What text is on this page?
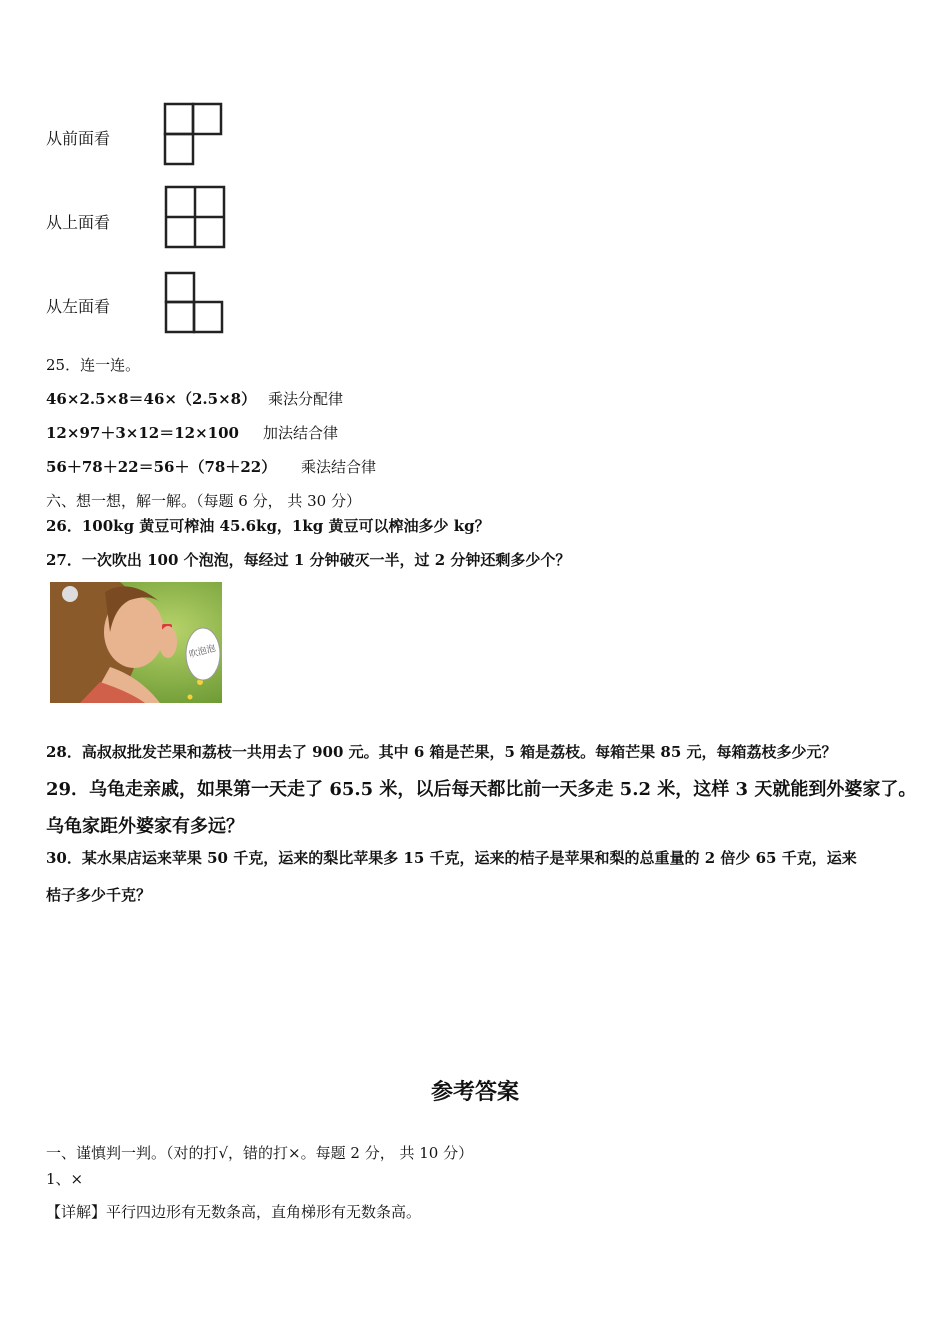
从前面看
从上面看
从左面看
25．连一连。
46×2.5×8＝46×（2.5×8） 乘法分配律
12×97＋3×12＝12×100 加法结合律
56＋78＋22＝56＋（78＋22） 乘法结合律
六、想一想，解一解。（每题 6 分， 共 30 分）
26．100kg 黄豆可榨油 45.6kg，1kg 黄豆可以榨油多少 kg？
27．一次吹出 100 个泡泡，每经过 1 分钟破灭一半，过 2 分钟还剩多少个？
吹泡泡
28．高叔叔批发芒果和荔枝一共用去了 900 元。其中 6 箱是芒果，5 箱是荔枝。每箱芒果 85 元，每箱荔枝多少元？
29．乌龟走亲戚，如果第一天走了 65.5 米，以后每天都比前一天多走 5.2 米，这样 3 天就能到外婆家了。
乌龟家距外婆家有多远？
30．某水果店运来苹果 50 千克，运来的梨比苹果多 15 千克，运来的桔子是苹果和梨的总重量的 2 倍少 65 千克，运来
桔子多少千克？
参考答案
一、谨慎判一判。（对的打√，错的打×。每题 2 分， 共 10 分）
1、×
【详解】平行四边形有无数条高，直角梯形有无数条高。
